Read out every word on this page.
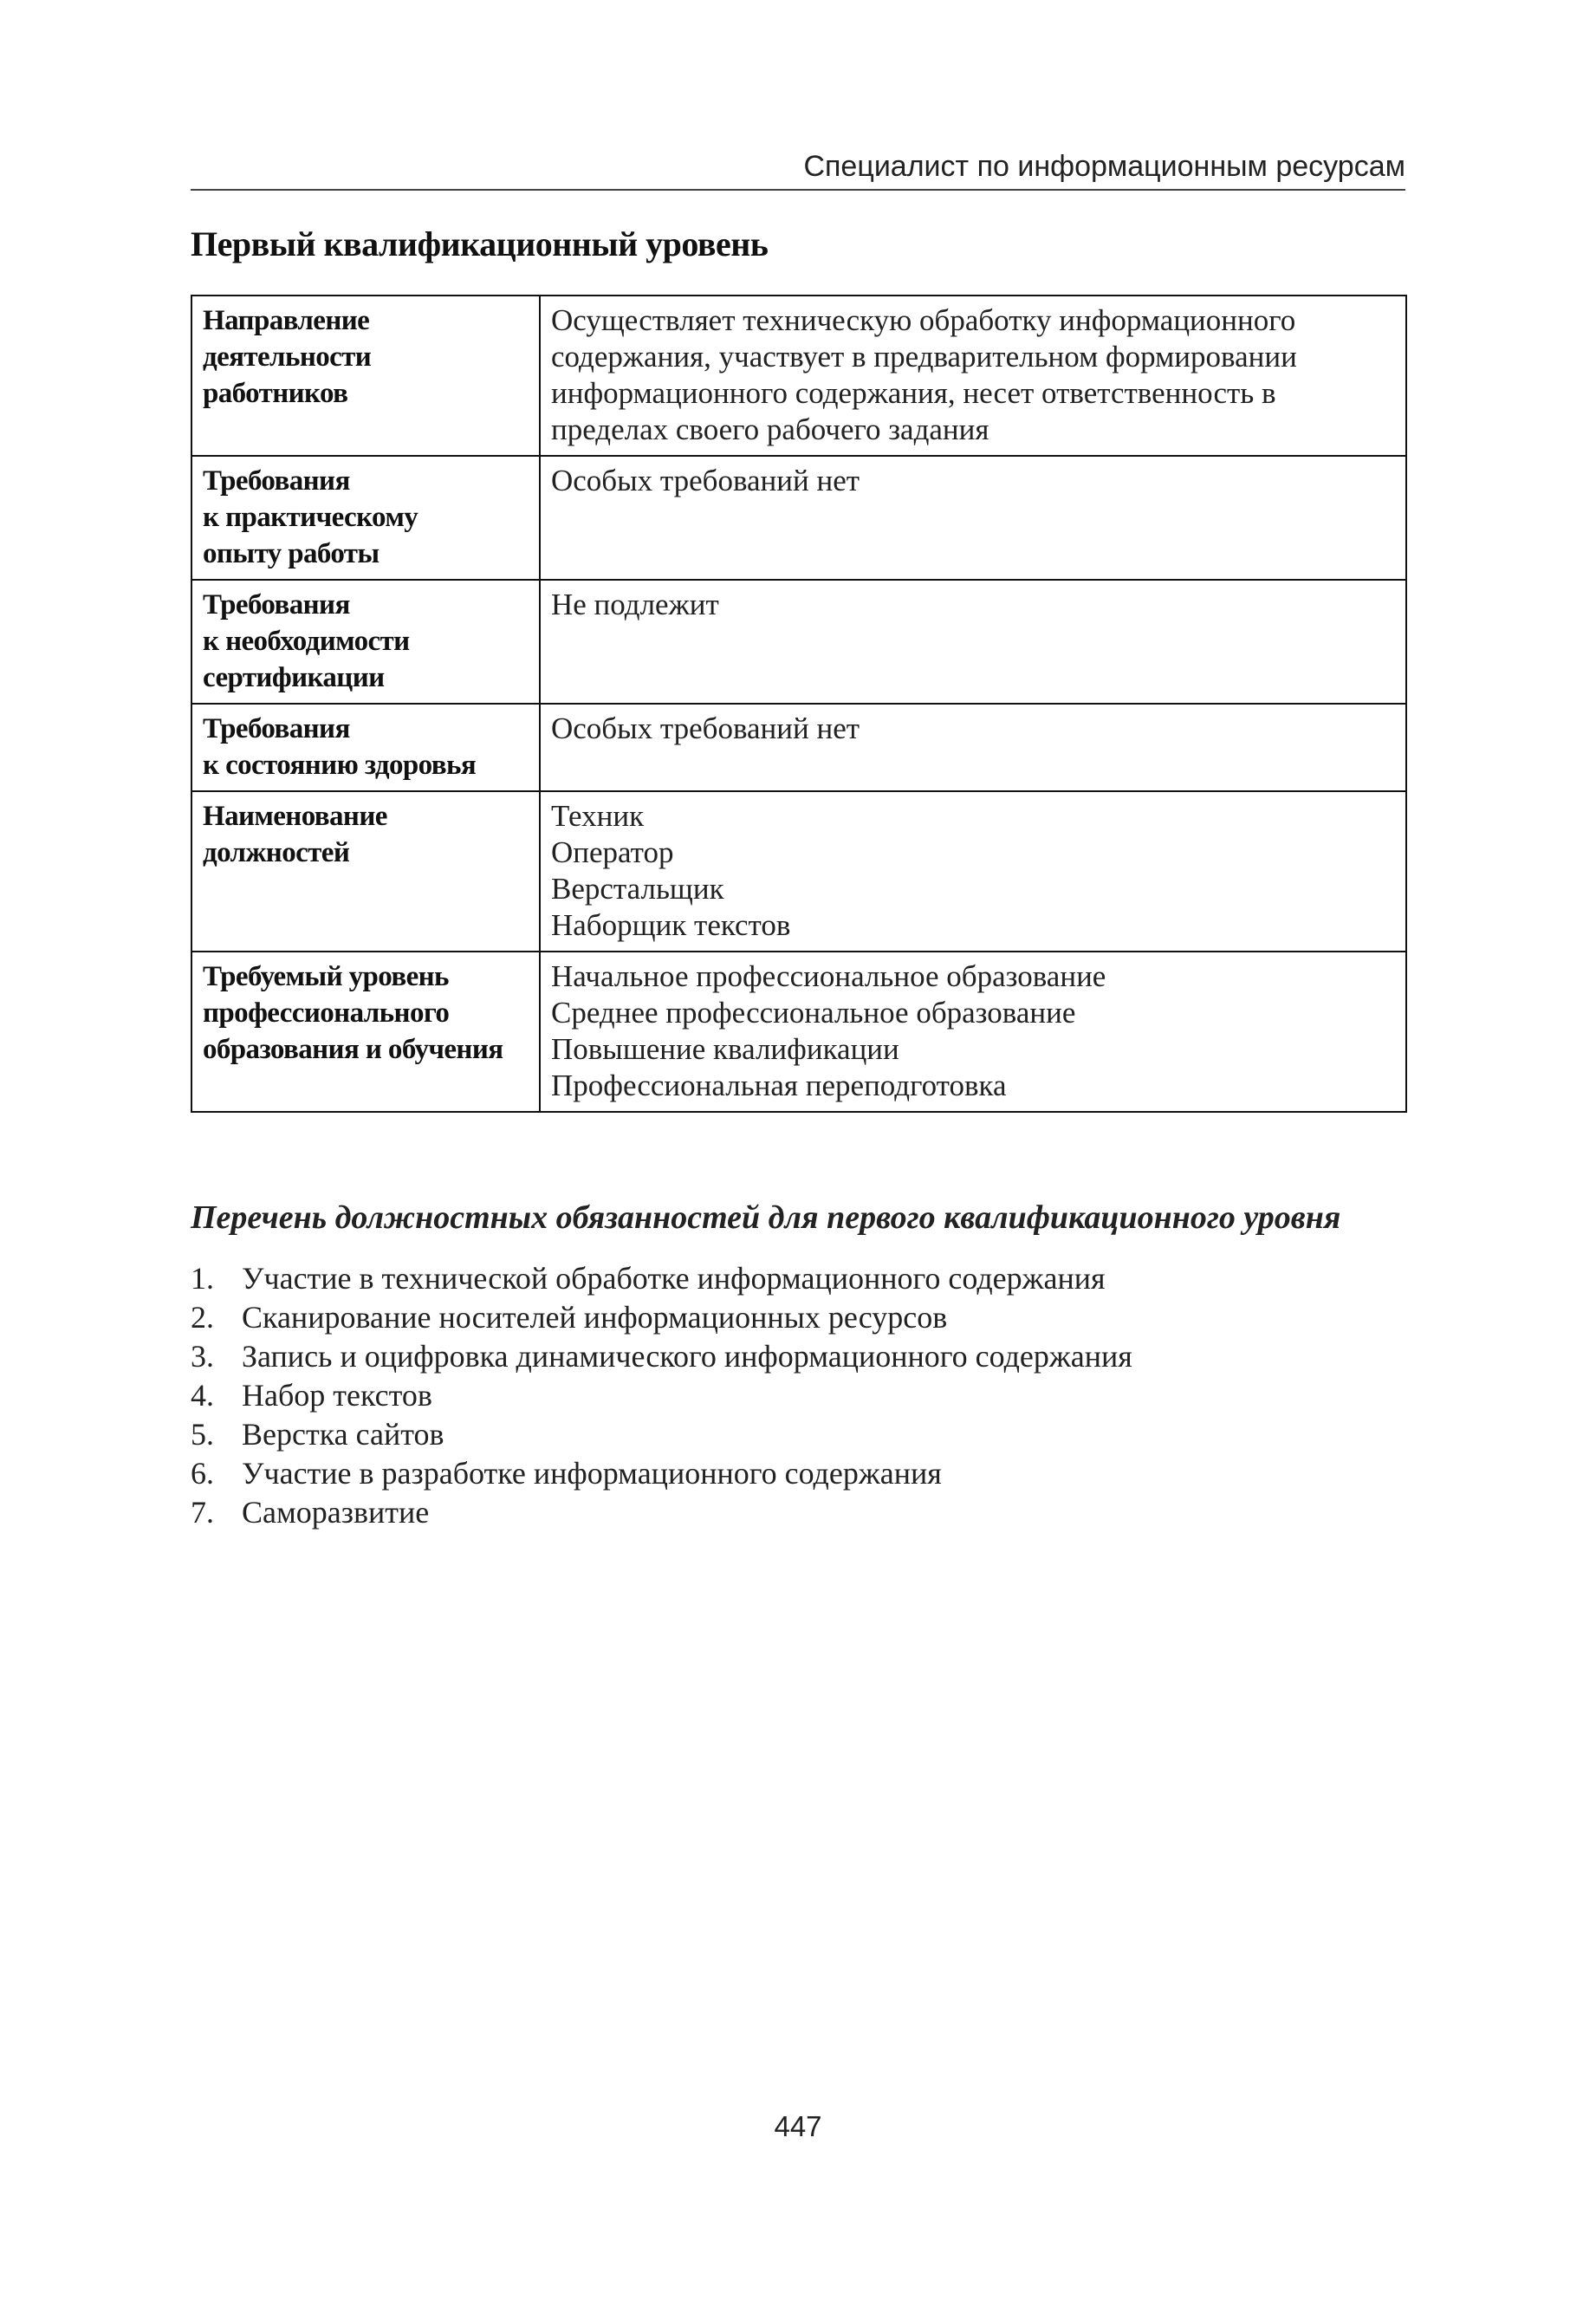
Специалист по информационным ресурсам
Первый квалификационный уровень
Направление
деятельности
работников	Осуществляет техническую обработку информационного
содержания, участвует в предварительном формировании
информационного содержания, несет ответственность в
пределах своего рабочего задания

Требования
к практическому
опыту работы	Особых требований нет

Требования
к необходимости
сертификации	Не подлежит

Требования
к состоянию здоровья	Особых требований нет

Наименование
должностей	Техник
Оператор
Верстальщик
Наборщик текстов

Требуемый уровень
профессионального
образования и обучения	Начальное профессиональное образование
Среднее профессиональное образование
Повышение квалификации
Профессиональная переподготовка
Перечень должностных обязанностей для первого квалификационного уровня
1. Участие в технической обработке информационного содержания
2. Сканирование носителей информационных ресурсов
3. Запись и оцифровка динамического информационного содержания
4. Набор текстов
5. Верстка сайтов
6. Участие в разработке информационного содержания
7. Саморазвитие
447
